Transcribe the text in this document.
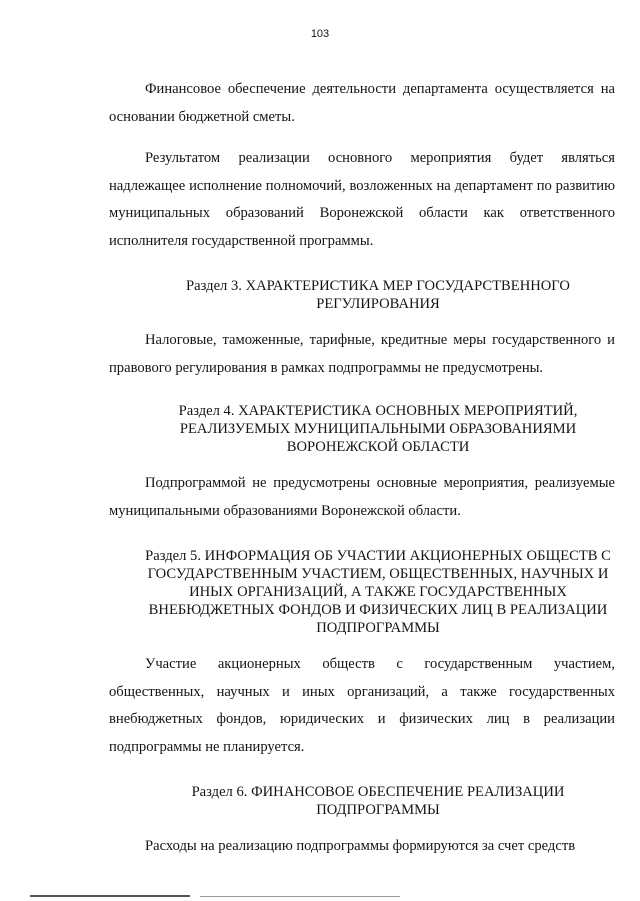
103

Финансовое обеспечение деятельности департамента осуществляется на основании бюджетной сметы.

Результатом реализации основного мероприятия будет являться надлежащее исполнение полномочий, возложенных на департамент по развитию муниципальных образований Воронежской области как ответственного исполнителя государственной программы.

Раздел 3. ХАРАКТЕРИСТИКА МЕР ГОСУДАРСТВЕННОГО РЕГУЛИРОВАНИЯ

Налоговые, таможенные, тарифные, кредитные меры государственного и правового регулирования в рамках подпрограммы не предусмотрены.

Раздел 4. ХАРАКТЕРИСТИКА ОСНОВНЫХ МЕРОПРИЯТИЙ, РЕАЛИЗУЕМЫХ МУНИЦИПАЛЬНЫМИ ОБРАЗОВАНИЯМИ ВОРОНЕЖСКОЙ ОБЛАСТИ

Подпрограммой не предусмотрены основные мероприятия, реализуемые муниципальными образованиями Воронежской области.

Раздел 5. ИНФОРМАЦИЯ ОБ УЧАСТИИ АКЦИОНЕРНЫХ ОБЩЕСТВ С ГОСУДАРСТВЕННЫМ УЧАСТИЕМ, ОБЩЕСТВЕННЫХ, НАУЧНЫХ И ИНЫХ ОРГАНИЗАЦИЙ, А ТАКЖЕ ГОСУДАРСТВЕННЫХ ВНЕБЮДЖЕТНЫХ ФОНДОВ И ФИЗИЧЕСКИХ ЛИЦ В РЕАЛИЗАЦИИ ПОДПРОГРАММЫ

Участие акционерных обществ с государственным участием, общественных, научных и иных организаций, а также государственных внебюджетных фондов, юридических и физических лиц в реализации подпрограммы не планируется.

Раздел 6. ФИНАНСОВОЕ ОБЕСПЕЧЕНИЕ РЕАЛИЗАЦИИ ПОДПРОГРАММЫ

Расходы на реализацию подпрограммы формируются за счет средств
